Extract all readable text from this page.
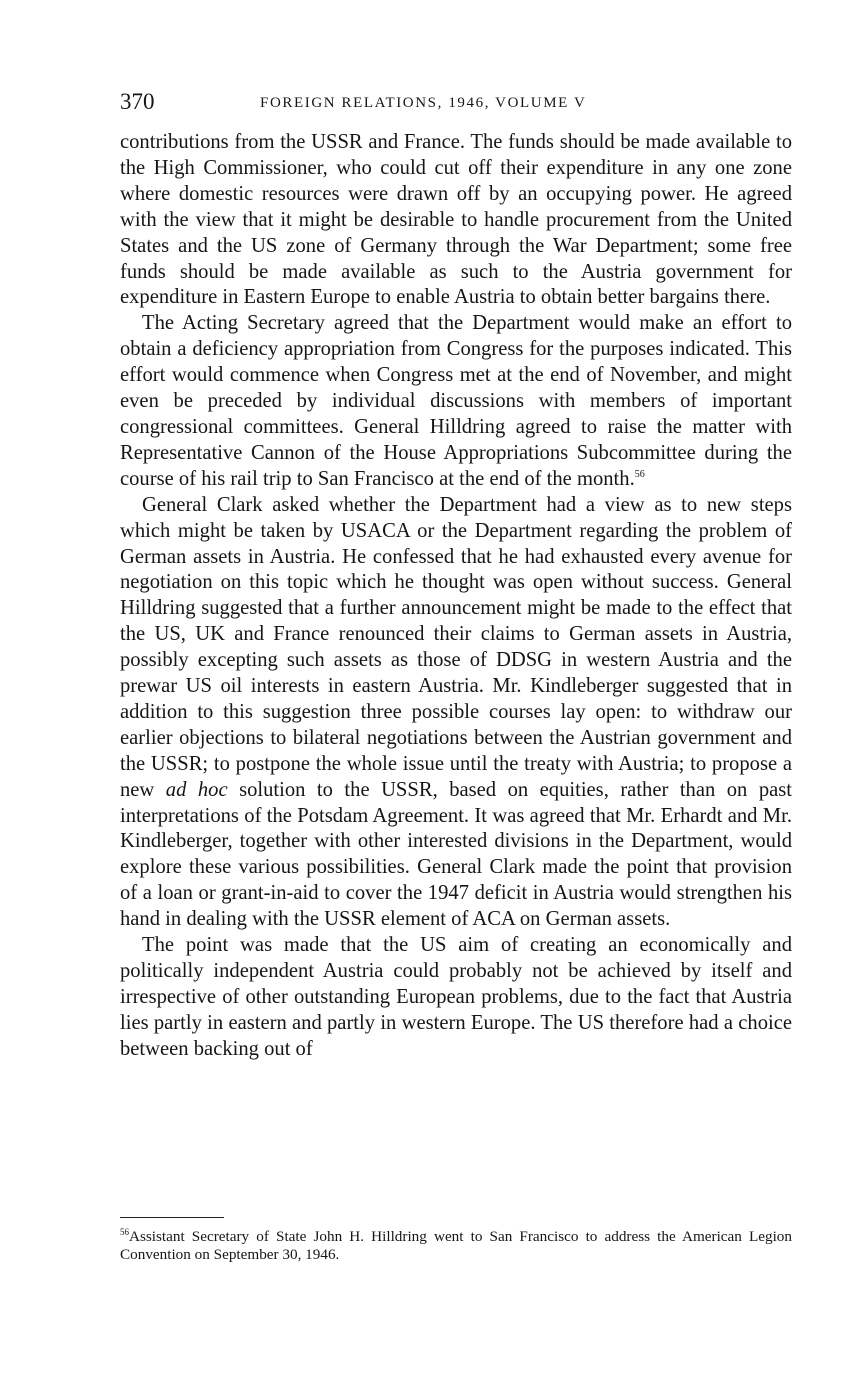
370	FOREIGN RELATIONS, 1946, VOLUME V

contributions from the USSR and France. The funds should be made available to the High Commissioner, who could cut off their expenditure in any one zone where domestic resources were drawn off by an occupying power. He agreed with the view that it might be desirable to handle procurement from the United States and the US zone of Germany through the War Department; some free funds should be made available as such to the Austria government for expenditure in Eastern Europe to enable Austria to obtain better bargains there.

The Acting Secretary agreed that the Department would make an effort to obtain a deficiency appropriation from Congress for the purposes indicated. This effort would commence when Congress met at the end of November, and might even be preceded by individual discussions with members of important congressional committees. General Hilldring agreed to raise the matter with Representative Cannon of the House Appropriations Subcommittee during the course of his rail trip to San Francisco at the end of the month.$^{56}$

General Clark asked whether the Department had a view as to new steps which might be taken by USACA or the Department regarding the problem of German assets in Austria. He confessed that he had exhausted every avenue for negotiation on this topic which he thought was open without success. General Hilldring suggested that a further announcement might be made to the effect that the US, UK and France renounced their claims to German assets in Austria, possibly excepting such assets as those of DDSG in western Austria and the prewar US oil interests in eastern Austria. Mr. Kindleberger suggested that in addition to this suggestion three possible courses lay open: to withdraw our earlier objections to bilateral negotiations between the Austrian government and the USSR; to postpone the whole issue until the treaty with Austria; to propose a new ad hoc solution to the USSR, based on equities, rather than on past interpretations of the Potsdam Agreement. It was agreed that Mr. Erhardt and Mr. Kindleberger, together with other interested divisions in the Department, would explore these various possibilities. General Clark made the point that provision of a loan or grant-in-aid to cover the 1947 deficit in Austria would strengthen his hand in dealing with the USSR element of ACA on German assets.

The point was made that the US aim of creating an economically and politically independent Austria could probably not be achieved by itself and irrespective of other outstanding European problems, due to the fact that Austria lies partly in eastern and partly in western Europe. The US therefore had a choice between backing out of

$^{56}$Assistant Secretary of State John H. Hilldring went to San Francisco to address the American Legion Convention on September 30, 1946.
